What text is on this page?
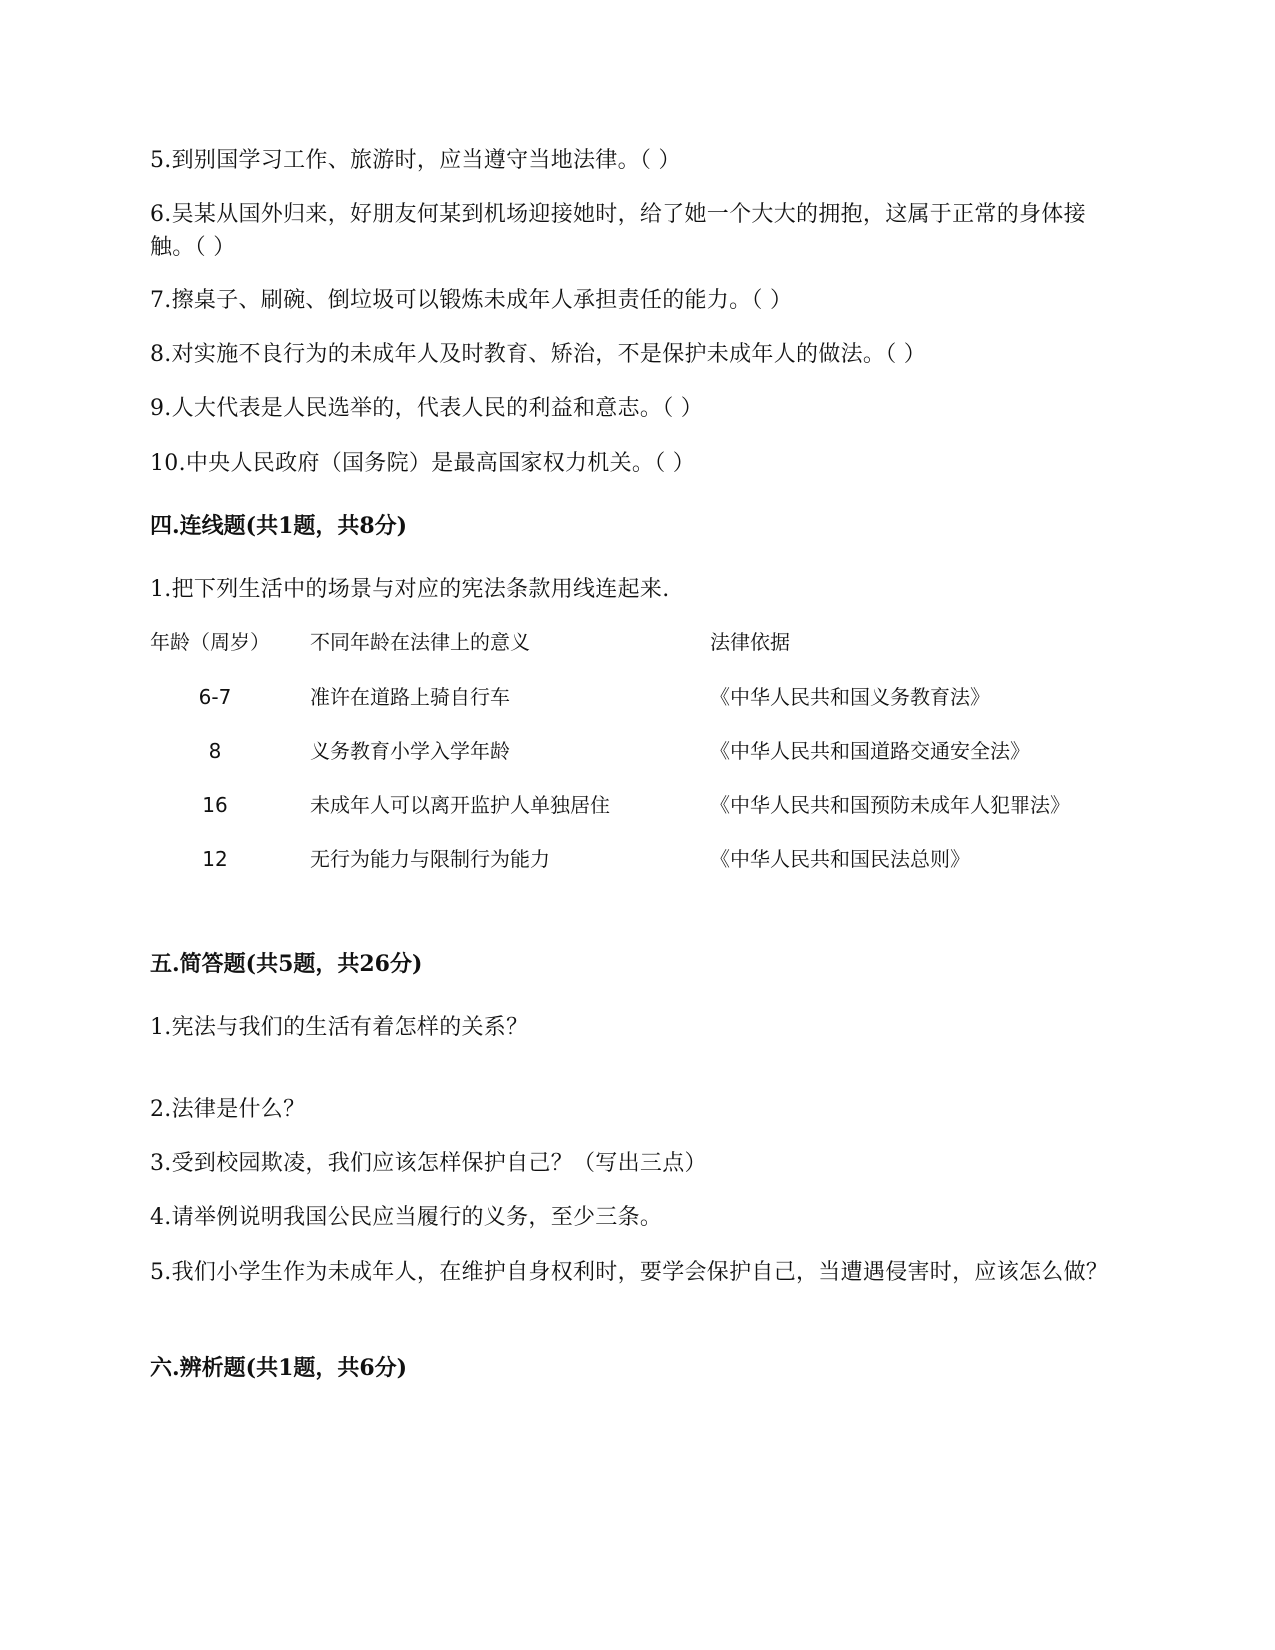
5.到别国学习工作、旅游时，应当遵守当地法律。（ ）
6.吴某从国外归来，好朋友何某到机场迎接她时，给了她一个大大的拥抱，这属于正常的身体接触。（ ）
7.擦桌子、刷碗、倒垃圾可以锻炼未成年人承担责任的能力。（ ）
8.对实施不良行为的未成年人及时教育、矫治，不是保护未成年人的做法。（ ）
9.人大代表是人民选举的，代表人民的利益和意志。（ ）
10.中央人民政府（国务院）是最高国家权力机关。（ ）
四.连线题(共1题，共8分)
1.把下列生活中的场景与对应的宪法条款用线连起来.
年龄（周岁）	不同年龄在法律上的意义	法律依据
6-7	准许在道路上骑自行车	《中华人民共和国义务教育法》
8	义务教育小学入学年龄	《中华人民共和国道路交通安全法》
16	未成年人可以离开监护人单独居住	《中华人民共和国预防未成年人犯罪法》
12	无行为能力与限制行为能力	《中华人民共和国民法总则》
五.简答题(共5题，共26分)
1.宪法与我们的生活有着怎样的关系？
2.法律是什么？
3.受到校园欺凌，我们应该怎样保护自己？（写出三点）
4.请举例说明我国公民应当履行的义务，至少三条。
5.我们小学生作为未成年人，在维护自身权利时，要学会保护自己，当遭遇侵害时，应该怎么做？
六.辨析题(共1题，共6分)
